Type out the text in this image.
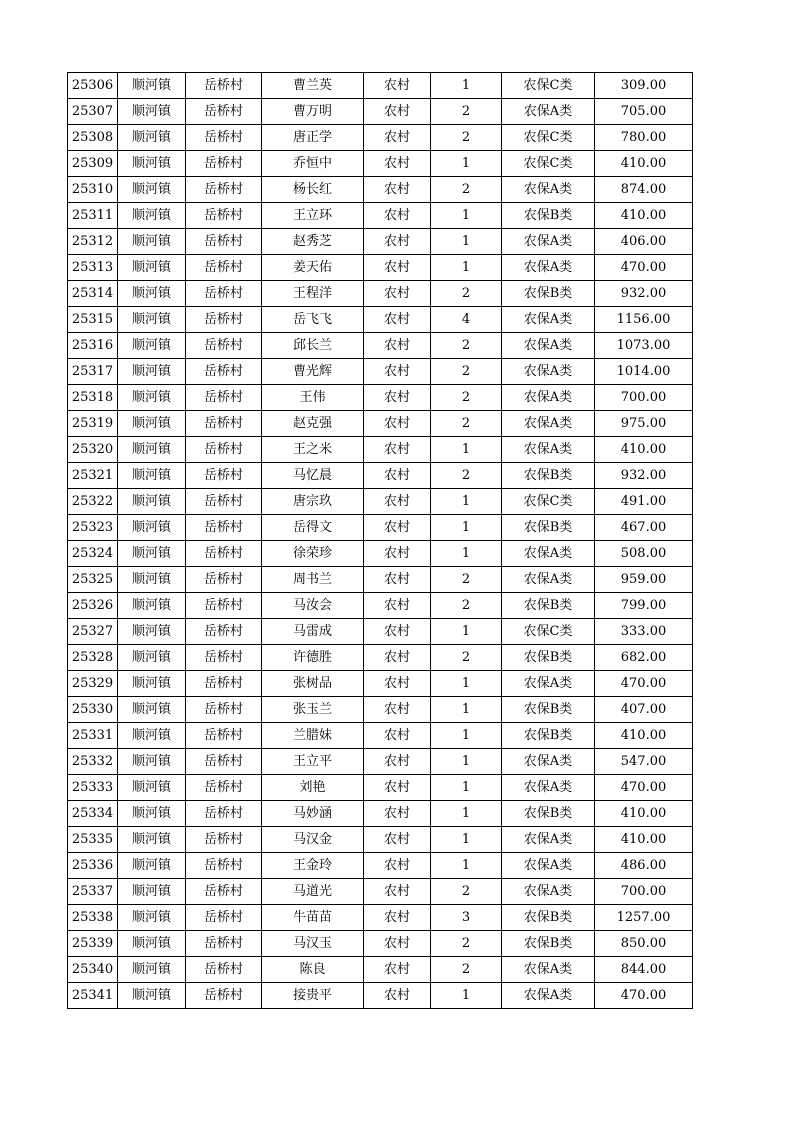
25306	顺河镇	岳桥村	曹兰英	农村	1	农保C类	309.00
25307	顺河镇	岳桥村	曹万明	农村	2	农保A类	705.00
25308	顺河镇	岳桥村	唐正学	农村	2	农保C类	780.00
25309	顺河镇	岳桥村	乔恒中	农村	1	农保C类	410.00
25310	顺河镇	岳桥村	杨长红	农村	2	农保A类	874.00
25311	顺河镇	岳桥村	王立环	农村	1	农保B类	410.00
25312	顺河镇	岳桥村	赵秀芝	农村	1	农保A类	406.00
25313	顺河镇	岳桥村	姜天佑	农村	1	农保A类	470.00
25314	顺河镇	岳桥村	王程洋	农村	2	农保B类	932.00
25315	顺河镇	岳桥村	岳飞飞	农村	4	农保A类	1156.00
25316	顺河镇	岳桥村	邱长兰	农村	2	农保A类	1073.00
25317	顺河镇	岳桥村	曹光辉	农村	2	农保A类	1014.00
25318	顺河镇	岳桥村	王伟	农村	2	农保A类	700.00
25319	顺河镇	岳桥村	赵克强	农村	2	农保A类	975.00
25320	顺河镇	岳桥村	王之米	农村	1	农保A类	410.00
25321	顺河镇	岳桥村	马忆晨	农村	2	农保B类	932.00
25322	顺河镇	岳桥村	唐宗玖	农村	1	农保C类	491.00
25323	顺河镇	岳桥村	岳得文	农村	1	农保B类	467.00
25324	顺河镇	岳桥村	徐荣珍	农村	1	农保A类	508.00
25325	顺河镇	岳桥村	周书兰	农村	2	农保A类	959.00
25326	顺河镇	岳桥村	马汝会	农村	2	农保B类	799.00
25327	顺河镇	岳桥村	马雷成	农村	1	农保C类	333.00
25328	顺河镇	岳桥村	许德胜	农村	2	农保B类	682.00
25329	顺河镇	岳桥村	张树品	农村	1	农保A类	470.00
25330	顺河镇	岳桥村	张玉兰	农村	1	农保B类	407.00
25331	顺河镇	岳桥村	兰腊妹	农村	1	农保B类	410.00
25332	顺河镇	岳桥村	王立平	农村	1	农保A类	547.00
25333	顺河镇	岳桥村	刘艳	农村	1	农保A类	470.00
25334	顺河镇	岳桥村	马妙涵	农村	1	农保B类	410.00
25335	顺河镇	岳桥村	马汉金	农村	1	农保A类	410.00
25336	顺河镇	岳桥村	王金玲	农村	1	农保A类	486.00
25337	顺河镇	岳桥村	马道光	农村	2	农保A类	700.00
25338	顺河镇	岳桥村	牛苗苗	农村	3	农保B类	1257.00
25339	顺河镇	岳桥村	马汉玉	农村	2	农保B类	850.00
25340	顺河镇	岳桥村	陈良	农村	2	农保A类	844.00
25341	顺河镇	岳桥村	接贵平	农村	1	农保A类	470.00
